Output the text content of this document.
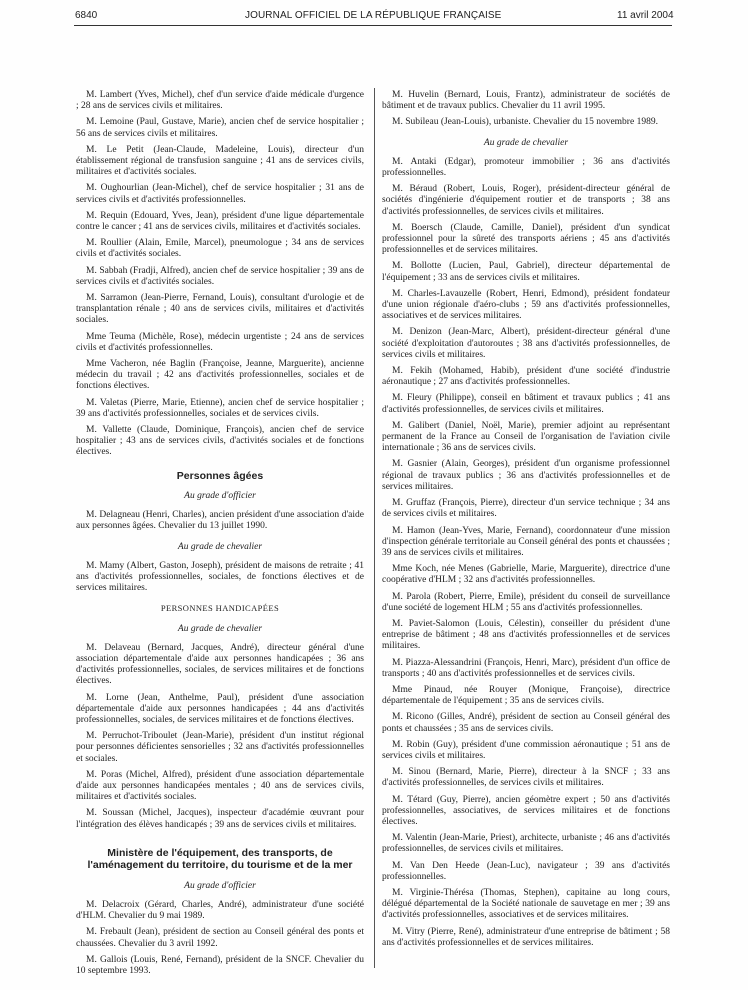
6840	JOURNAL OFFICIEL DE LA RÉPUBLIQUE FRANÇAISE	11 avril 2004

M. Lambert (Yves, Michel), chef d'un service d'aide médicale d'urgence ; 28 ans de services civils et militaires.

M. Lemoine (Paul, Gustave, Marie), ancien chef de service hospitalier ; 56 ans de services civils et militaires.

M. Le Petit (Jean-Claude, Madeleine, Louis), directeur d'un établissement régional de transfusion sanguine ; 41 ans de services civils, militaires et d'activités sociales.

M. Oughourlian (Jean-Michel), chef de service hospitalier ; 31 ans de services civils et d'activités professionnelles.

M. Requin (Edouard, Yves, Jean), président d'une ligue départementale contre le cancer ; 41 ans de services civils, militaires et d'activités sociales.

M. Roullier (Alain, Emile, Marcel), pneumologue ; 34 ans de services civils et d'activités sociales.

M. Sabbah (Fradji, Alfred), ancien chef de service hospitalier ; 39 ans de services civils et d'activités sociales.

M. Sarramon (Jean-Pierre, Fernand, Louis), consultant d'urologie et de transplantation rénale ; 40 ans de services civils, militaires et d'activités sociales.

Mme Teuma (Michèle, Rose), médecin urgentiste ; 24 ans de services civils et d'activités professionnelles.

Mme Vacheron, née Baglin (Françoise, Jeanne, Marguerite), ancienne médecin du travail ; 42 ans d'activités professionnelles, sociales et de fonctions électives.

M. Valetas (Pierre, Marie, Etienne), ancien chef de service hospitalier ; 39 ans d'activités professionnelles, sociales et de services civils.

M. Vallette (Claude, Dominique, François), ancien chef de service hospitalier ; 43 ans de services civils, d'activités sociales et de fonctions électives.

Personnes âgées
Au grade d'officier

M. Delagneau (Henri, Charles), ancien président d'une association d'aide aux personnes âgées. Chevalier du 13 juillet 1990.

Au grade de chevalier

M. Mamy (Albert, Gaston, Joseph), président de maisons de retraite ; 41 ans d'activités professionnelles, sociales, de fonctions électives et de services militaires.

PERSONNES HANDICAPÉES
Au grade de chevalier

M. Delaveau (Bernard, Jacques, André), directeur général d'une association départementale d'aide aux personnes handicapées ; 36 ans d'activités professionnelles, sociales, de services militaires et de fonctions électives.

M. Lorne (Jean, Anthelme, Paul), président d'une association départementale d'aide aux personnes handicapées ; 44 ans d'activités professionnelles, sociales, de services militaires et de fonctions électives.

M. Perruchot-Triboulet (Jean-Marie), président d'un institut régional pour personnes déficientes sensorielles ; 32 ans d'activités professionnelles et sociales.

M. Poras (Michel, Alfred), président d'une association départementale d'aide aux personnes handicapées mentales ; 40 ans de services civils, militaires et d'activités sociales.

M. Soussan (Michel, Jacques), inspecteur d'académie œuvrant pour l'intégration des élèves handicapés ; 39 ans de services civils et militaires.

Ministère de l'équipement, des transports, de l'aménagement du territoire, du tourisme et de la mer
Au grade d'officier

M. Delacroix (Gérard, Charles, André), administrateur d'une société d'HLM. Chevalier du 9 mai 1989.

M. Frebault (Jean), président de section au Conseil général des ponts et chaussées. Chevalier du 3 avril 1992.

M. Gallois (Louis, René, Fernand), président de la SNCF. Chevalier du 10 septembre 1993.

M. Huvelin (Bernard, Louis, Frantz), administrateur de sociétés de bâtiment et de travaux publics. Chevalier du 11 avril 1995.

M. Subileau (Jean-Louis), urbaniste. Chevalier du 15 novembre 1989.

Au grade de chevalier

M. Antaki (Edgar), promoteur immobilier ; 36 ans d'activités professionnelles.

M. Béraud (Robert, Louis, Roger), président-directeur général de sociétés d'ingénierie d'équipement routier et de transports ; 38 ans d'activités professionnelles, de services civils et militaires.

M. Boersch (Claude, Camille, Daniel), président d'un syndicat professionnel pour la sûreté des transports aériens ; 45 ans d'activités professionnelles et de services militaires.

M. Bollotte (Lucien, Paul, Gabriel), directeur départemental de l'équipement ; 33 ans de services civils et militaires.

M. Charles-Lavauzelle (Robert, Henri, Edmond), président fondateur d'une union régionale d'aéro-clubs ; 59 ans d'activités professionnelles, associatives et de services militaires.

M. Denizon (Jean-Marc, Albert), président-directeur général d'une société d'exploitation d'autoroutes ; 38 ans d'activités professionnelles, de services civils et militaires.

M. Fekih (Mohamed, Habib), président d'une société d'industrie aéronautique ; 27 ans d'activités professionnelles.

M. Fleury (Philippe), conseil en bâtiment et travaux publics ; 41 ans d'activités professionnelles, de services civils et militaires.

M. Galibert (Daniel, Noël, Marie), premier adjoint au représentant permanent de la France au Conseil de l'organisation de l'aviation civile internationale ; 36 ans de services civils.

M. Gasnier (Alain, Georges), président d'un organisme professionnel régional de travaux publics ; 36 ans d'activités professionnelles et de services militaires.

M. Gruffaz (François, Pierre), directeur d'un service technique ; 34 ans de services civils et militaires.

M. Hamon (Jean-Yves, Marie, Fernand), coordonnateur d'une mission d'inspection générale territoriale au Conseil général des ponts et chaussées ; 39 ans de services civils et militaires.

Mme Koch, née Menes (Gabrielle, Marie, Marguerite), directrice d'une coopérative d'HLM ; 32 ans d'activités professionnelles.

M. Parola (Robert, Pierre, Emile), président du conseil de surveillance d'une société de logement HLM ; 55 ans d'activités professionnelles.

M. Paviet-Salomon (Louis, Célestin), conseiller du président d'une entreprise de bâtiment ; 48 ans d'activités professionnelles et de services militaires.

M. Piazza-Alessandrini (François, Henri, Marc), président d'un office de transports ; 40 ans d'activités professionnelles et de services civils.

Mme Pinaud, née Rouyer (Monique, Françoise), directrice départementale de l'équipement ; 35 ans de services civils.

M. Ricono (Gilles, André), président de section au Conseil général des ponts et chaussées ; 35 ans de services civils.

M. Robin (Guy), président d'une commission aéronautique ; 51 ans de services civils et militaires.

M. Sinou (Bernard, Marie, Pierre), directeur à la SNCF ; 33 ans d'activités professionnelles, de services civils et militaires.

M. Tétard (Guy, Pierre), ancien géomètre expert ; 50 ans d'activités professionnelles, associatives, de services militaires et de fonctions électives.

M. Valentin (Jean-Marie, Priest), architecte, urbaniste ; 46 ans d'activités professionnelles, de services civils et militaires.

M. Van Den Heede (Jean-Luc), navigateur ; 39 ans d'activités professionnelles.

M. Virginie-Thérésa (Thomas, Stephen), capitaine au long cours, délégué départemental de la Société nationale de sauvetage en mer ; 39 ans d'activités professionnelles, associatives et de services militaires.

M. Vitry (Pierre, René), administrateur d'une entreprise de bâtiment ; 58 ans d'activités professionnelles et de services militaires.
